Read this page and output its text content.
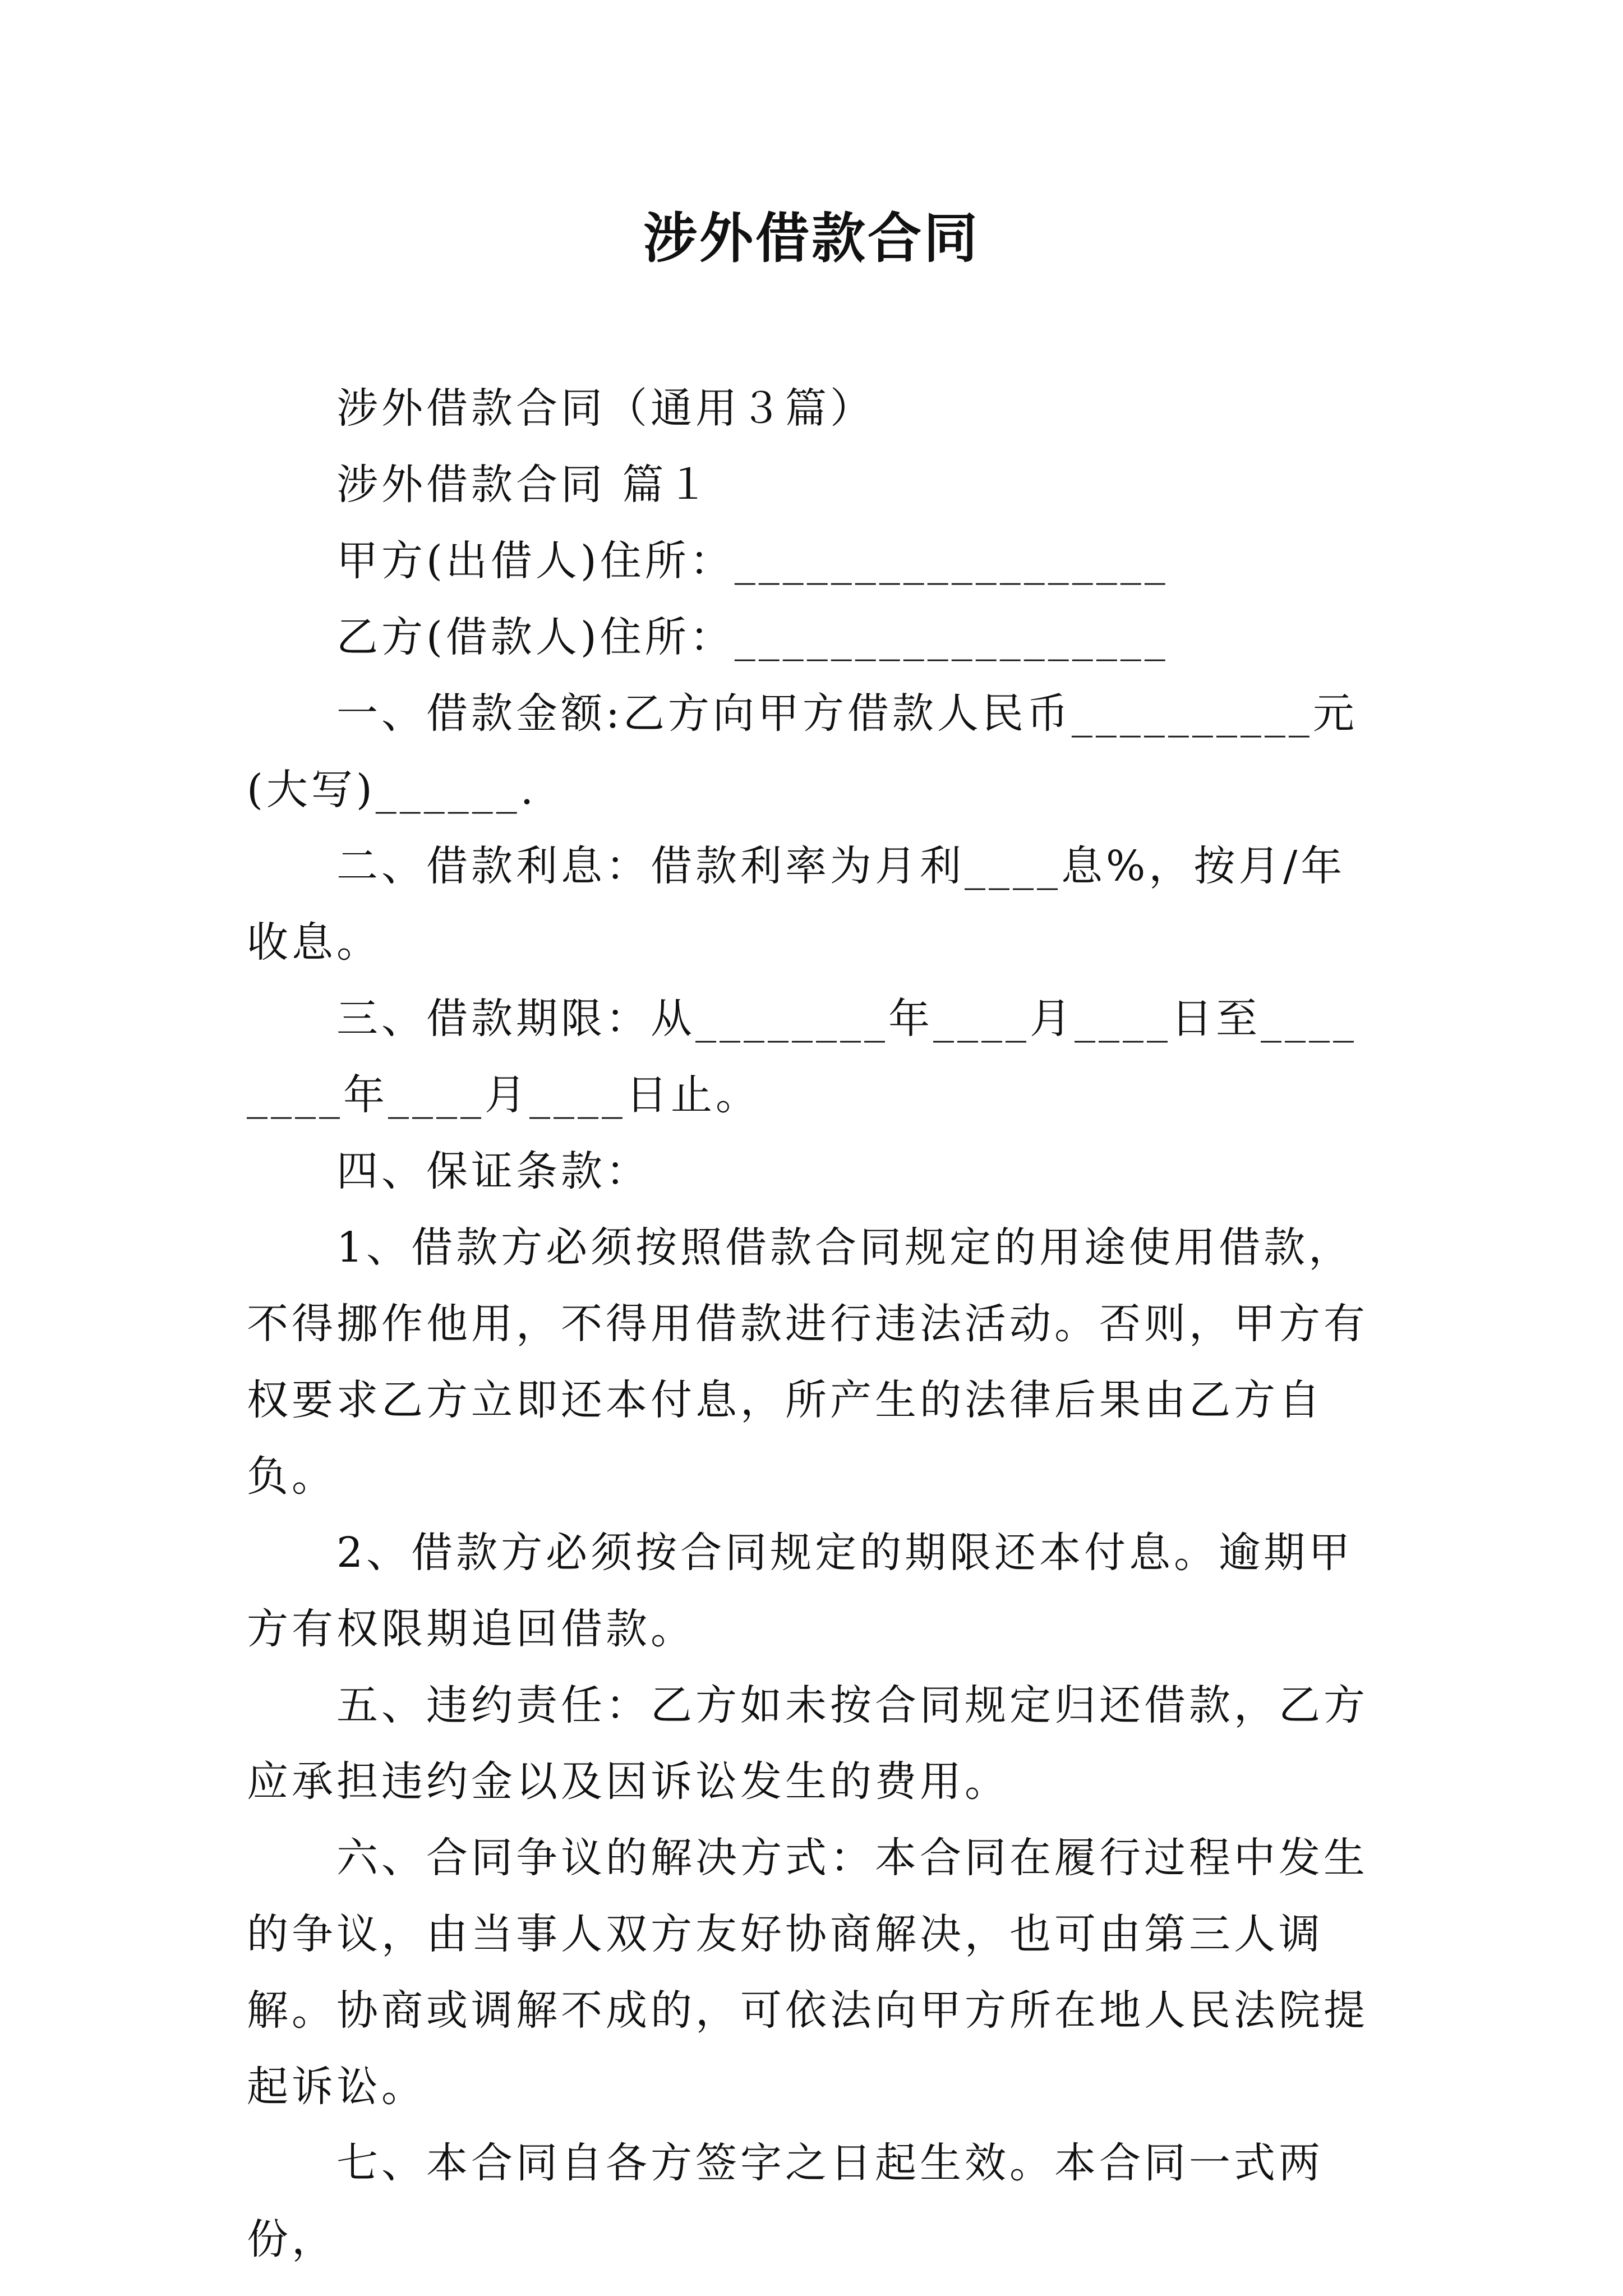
涉外借款合同

涉外借款合同（通用３篇）

涉外借款合同 篇１

甲方(出借人)住所：__________________

乙方(借款人)住所：__________________

一、借款金额:乙方向甲方借款人民币__________元(大写)______.

二、借款利息：借款利率为月利____息%，按月/年收息。

三、借款期限：从________年____月____日至________年____月____日止。

四、保证条款：

1、借款方必须按照借款合同规定的用途使用借款，不得挪作他用，不得用借款进行违法活动。否则，甲方有权要求乙方立即还本付息，所产生的法律后果由乙方自负。

2、借款方必须按合同规定的期限还本付息。逾期甲方有权限期追回借款。

五、违约责任：乙方如未按合同规定归还借款，乙方应承担违约金以及因诉讼发生的费用。

六、合同争议的解决方式：本合同在履行过程中发生的争议，由当事人双方友好协商解决，也可由第三人调解。协商或调解不成的，可依法向甲方所在地人民法院提起诉讼。

七、本合同自各方签字之日起生效。本合同一式两份，
